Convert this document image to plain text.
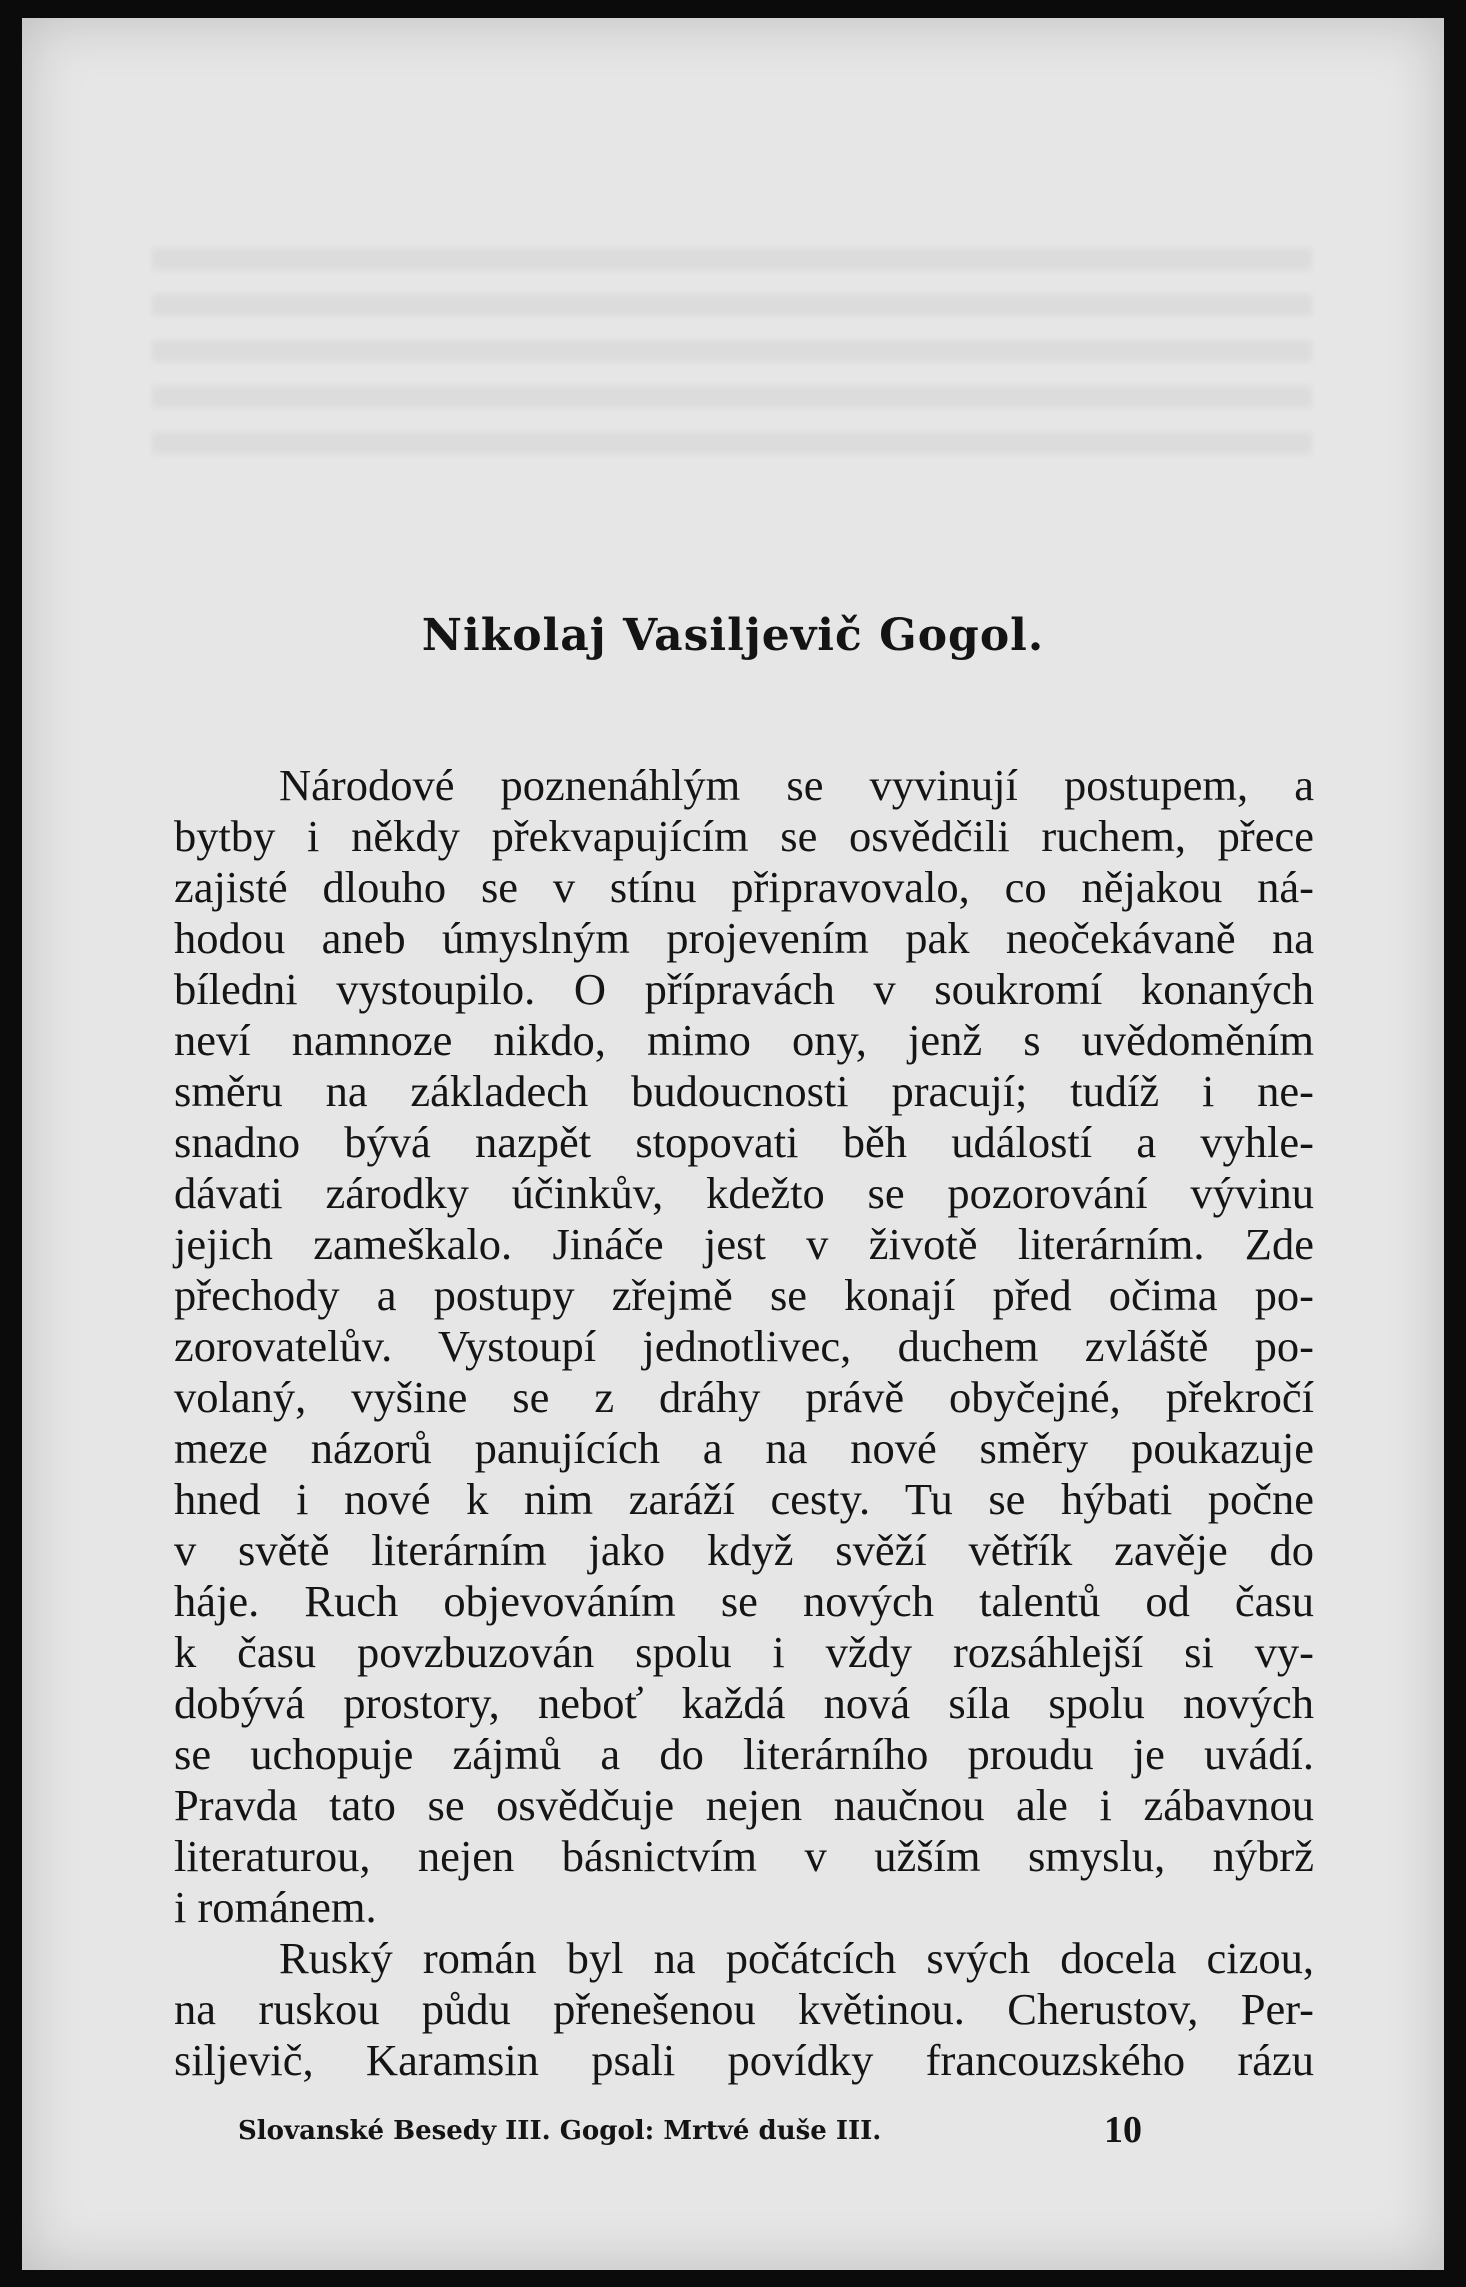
Nikolaj Vasiljevič Gogol.

Národové poznenáhlým se vyvinují postupem, a
bytby i někdy překvapujícím se osvědčili ruchem, přece
zajisté dlouho se v stínu připravovalo, co nějakou ná-
hodou aneb úmyslným projevením pak neočekávaně na
bíledni vystoupilo. O přípravách v soukromí konaných
neví namnoze nikdo, mimo ony, jenž s uvědoměním
směru na základech budoucnosti pracují; tudíž i ne-
snadno bývá nazpět stopovati běh událostí a vyhle-
dávati zárodky účinkův, kdežto se pozorování vývinu
jejich zameškalo. Jináče jest v životě literárním. Zde
přechody a postupy zřejmě se konají před očima po-
zorovatelův. Vystoupí jednotlivec, duchem zvláště po-
volaný, vyšine se z dráhy právě obyčejné, překročí
meze názorů panujících a na nové směry poukazuje
hned i nové k nim zaráží cesty. Tu se hýbati počne
v světě literárním jako když svěží větřík zavěje do
háje. Ruch objevováním se nových talentů od času
k času povzbuzován spolu i vždy rozsáhlejší si vy-
dobývá prostory, neboť každá nová síla spolu nových
se uchopuje zájmů a do literárního proudu je uvádí.
Pravda tato se osvědčuje nejen naučnou ale i zábavnou
literaturou, nejen básnictvím v užším smyslu, nýbrž
i románem.

Ruský román byl na počátcích svých docela cizou,
na ruskou půdu přenešenou květinou. Cherustov, Per-
siljevič, Karamsin psali povídky francouzského rázu

Slovanské Besedy III. Gogol: Mrtvé duše III.	10
